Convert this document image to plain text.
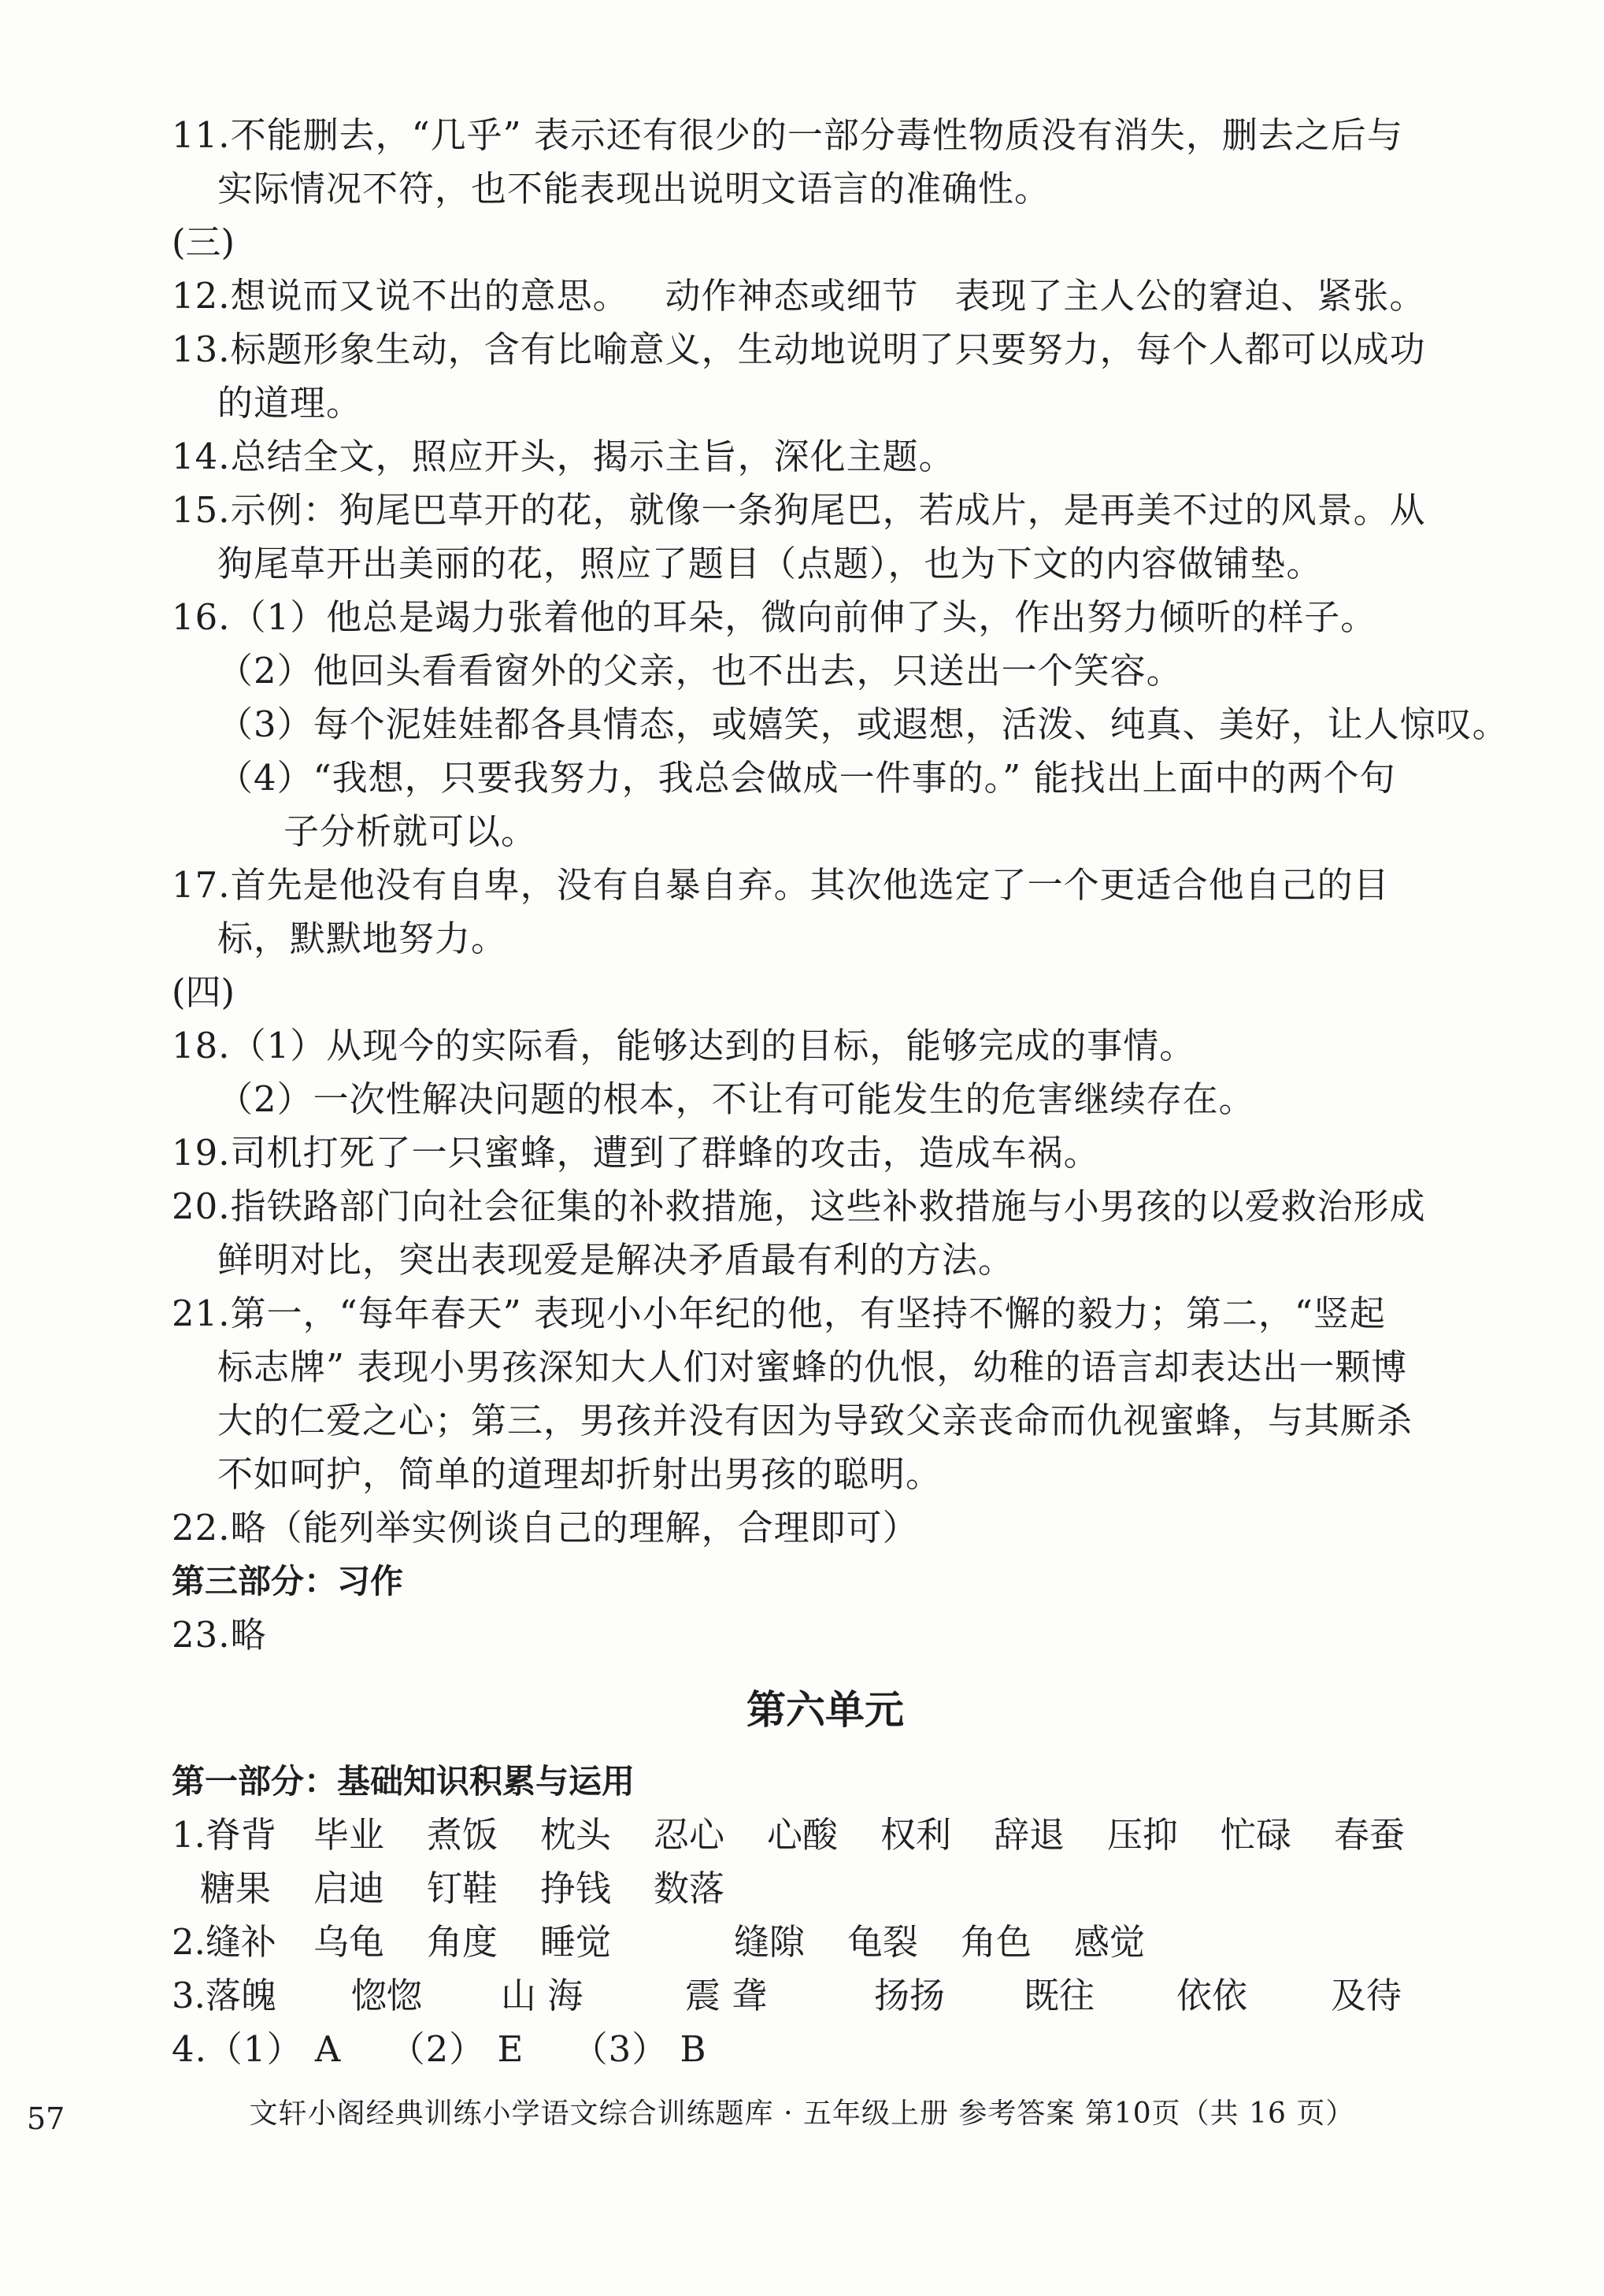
11.不能删去，“几乎” 表示还有很少的一部分毒性物质没有消失，删去之后与
实际情况不符，也不能表现出说明文语言的准确性。
(三)
12.想说而又说不出的意思。   动作神态或细节   表现了主人公的窘迫、紧张。
13.标题形象生动，含有比喻意义，生动地说明了只要努力，每个人都可以成功
的道理。
14.总结全文，照应开头，揭示主旨，深化主题。
15.示例：狗尾巴草开的花，就像一条狗尾巴，若成片，是再美不过的风景。从
狗尾草开出美丽的花，照应了题目（点题），也为下文的内容做铺垫。
16.（1）他总是竭力张着他的耳朵，微向前伸了头，作出努力倾听的样子。
（2）他回头看看窗外的父亲，也不出去，只送出一个笑容。
（3）每个泥娃娃都各具情态，或嬉笑，或遐想，活泼、纯真、美好，让人惊叹。
（4）“我想，只要我努力，我总会做成一件事的。” 能找出上面中的两个句
子分析就可以。
17.首先是他没有自卑，没有自暴自弃。其次他选定了一个更适合他自己的目
标，默默地努力。
(四)
18.（1）从现今的实际看，能够达到的目标，能够完成的事情。
（2）一次性解决问题的根本，不让有可能发生的危害继续存在。
19.司机打死了一只蜜蜂，遭到了群蜂的攻击，造成车祸。
20.指铁路部门向社会征集的补救措施，这些补救措施与小男孩的以爱救治形成
鲜明对比，突出表现爱是解决矛盾最有利的方法。
21.第一，“每年春天” 表现小小年纪的他，有坚持不懈的毅力；第二，“竖起
标志牌” 表现小男孩深知大人们对蜜蜂的仇恨，幼稚的语言却表达出一颗博
大的仁爱之心；第三，男孩并没有因为导致父亲丧命而仇视蜜蜂，与其厮杀
不如呵护，简单的道理却折射出男孩的聪明。
22.略（能列举实例谈自己的理解，合理即可）
第三部分：习作
23.略
第六单元
第一部分：基础知识积累与运用
1.脊背	毕业	煮饭	枕头	忍心	心酸	权利	辞退	压抑	忙碌	春蚕
糖果	启迪	钉鞋	挣钱	数落
2.缝补	乌龟	角度	睡觉	缝隙	龟裂	角色	感觉
3.落魄	惚惚	山 海	震 聋	扬扬	既往	依依	及待
4.（1） A    （2） E    （3） B
57	文轩小阁经典训练小学语文综合训练题库 · 五年级上册 参考答案 第10页（共 16 页）
